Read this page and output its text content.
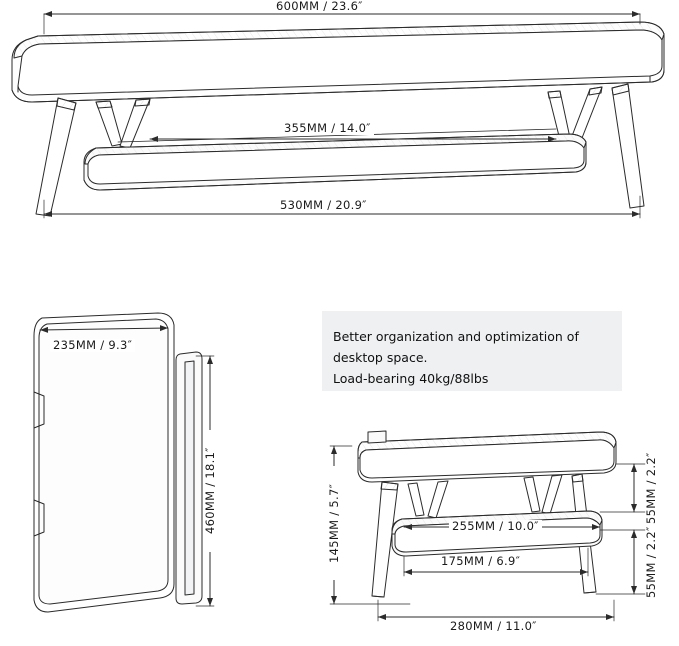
600MM / 23.6″
355MM / 14.0″
530MM / 20.9″
235MM / 9.3″
460MM / 18.1″	145MM / 5.7″	55MM / 2.2″
55MM / 2.2″
255MM / 10.0″
175MM / 6.9″
280MM / 11.0″
Better organization and optimization of
desktop space.
Load-bearing 40kg/88lbs
